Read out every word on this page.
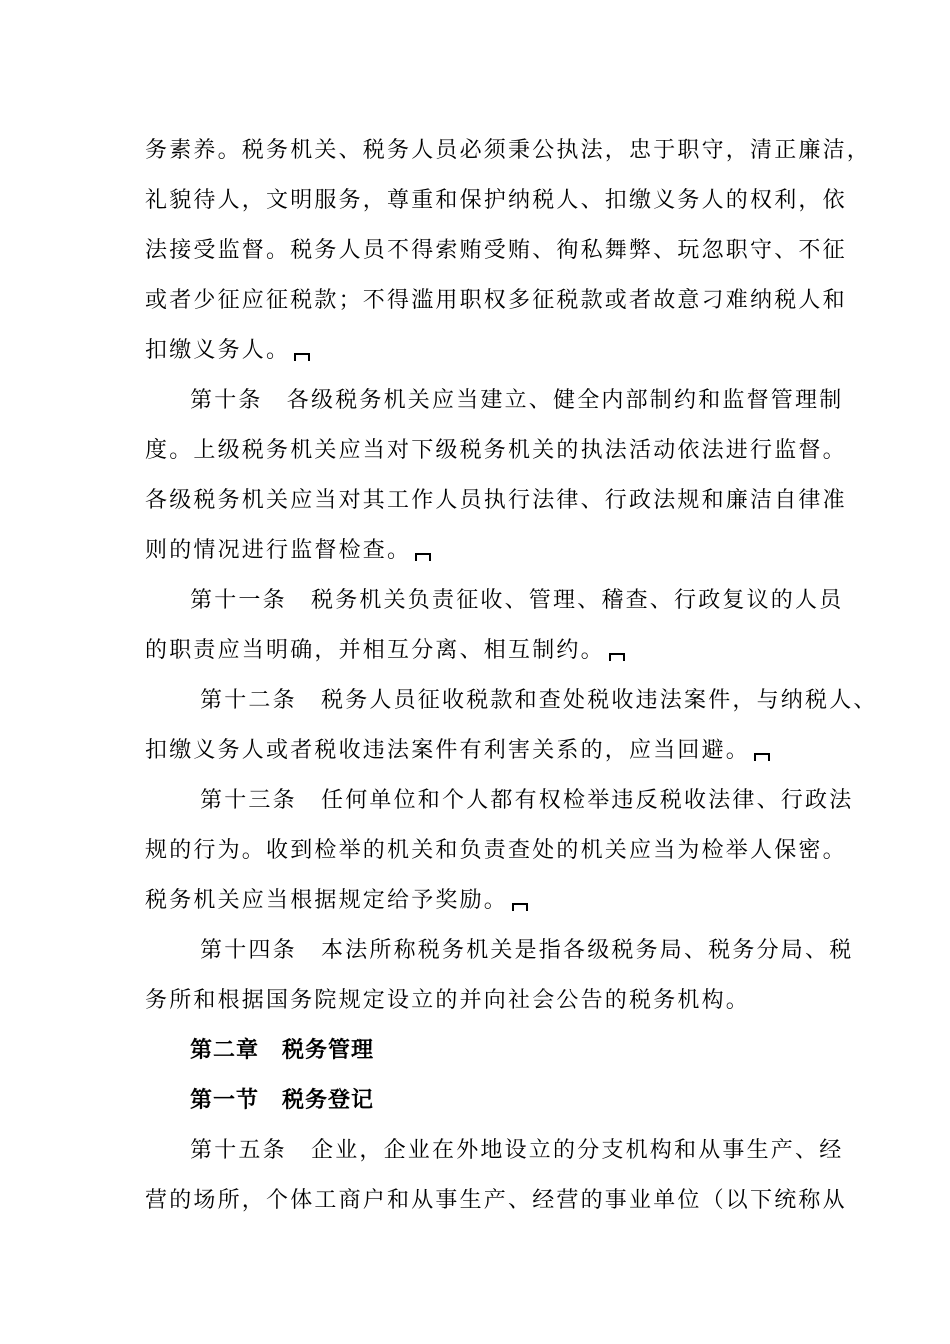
务素养。税务机关、税务人员必须秉公执法，忠于职守，清正廉洁，
礼貌待人，文明服务，尊重和保护纳税人、扣缴义务人的权利，依
法接受监督。税务人员不得索贿受贿、徇私舞弊、玩忽职守、不征
或者少征应征税款；不得滥用职权多征税款或者故意刁难纳税人和
扣缴义务人。
第十条　各级税务机关应当建立、健全内部制约和监督管理制
度。上级税务机关应当对下级税务机关的执法活动依法进行监督。
各级税务机关应当对其工作人员执行法律、行政法规和廉洁自律准
则的情况进行监督检查。
第十一条　税务机关负责征收、管理、稽查、行政复议的人员
的职责应当明确，并相互分离、相互制约。
第十二条　税务人员征收税款和查处税收违法案件，与纳税人、
扣缴义务人或者税收违法案件有利害关系的，应当回避。
第十三条　任何单位和个人都有权检举违反税收法律、行政法
规的行为。收到检举的机关和负责查处的机关应当为检举人保密。
税务机关应当根据规定给予奖励。
第十四条　本法所称税务机关是指各级税务局、税务分局、税
务所和根据国务院规定设立的并向社会公告的税务机构。
第二章　税务管理
第一节　税务登记
第十五条　企业，企业在外地设立的分支机构和从事生产、经
营的场所，个体工商户和从事生产、经营的事业单位（以下统称从
